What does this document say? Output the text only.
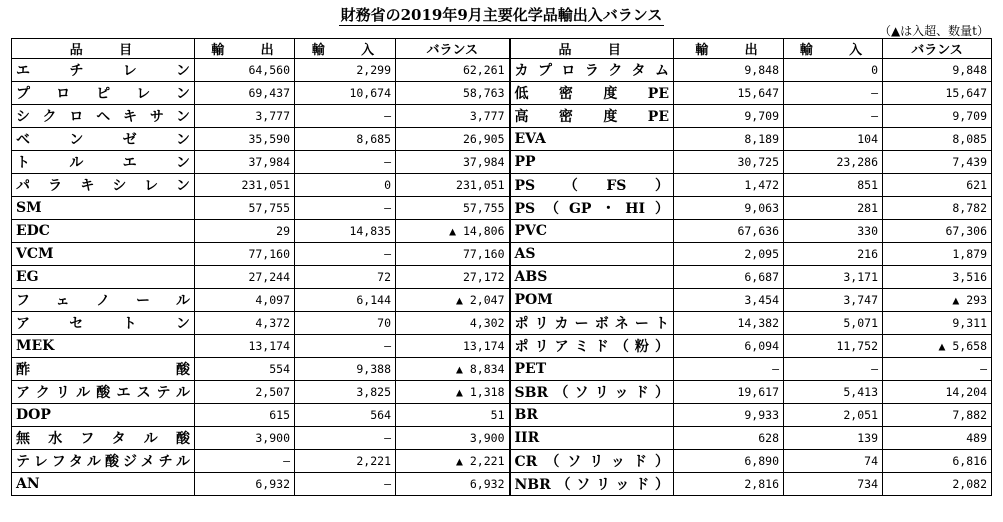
財務省の2019年9月主要化学品輸出入バランス
（▲は入超、数量t）
品　目	輸　出	輸　入	バランス	品　目	輸　出	輸　入	バランス
エチレン	64,560	2,299	62,261	カプロラクタム	9,848	0	9,848
プロピレン	69,437	10,674	58,763	低密度PE	15,647	—	15,647
シクロヘキサン	3,777	—	3,777	高密度PE	9,709	—	9,709
ベンゼン	35,590	8,685	26,905	EVA	8,189	104	8,085
トルエン	37,984	—	37,984	PP	30,725	23,286	7,439
パラキシレン	231,051	0	231,051	PS（FS）	1,472	851	621
SM	57,755	—	57,755	PS（GP・HI）	9,063	281	8,782
EDC	29	14,835	▲ 14,806	PVC	67,636	330	67,306
VCM	77,160	—	77,160	AS	2,095	216	1,879
EG	27,244	72	27,172	ABS	6,687	3,171	3,516
フェノール	4,097	6,144	▲ 2,047	POM	3,454	3,747	▲ 293
アセトン	4,372	70	4,302	ポリカーボネート	14,382	5,071	9,311
MEK	13,174	—	13,174	ポリアミド（粉）	6,094	11,752	▲ 5,658
酢酸	554	9,388	▲ 8,834	PET	—	—	—
アクリル酸エステル	2,507	3,825	▲ 1,318	SBR（ソリッド）	19,617	5,413	14,204
DOP	615	564	51	BR	9,933	2,051	7,882
無水フタル酸	3,900	—	3,900	IIR	628	139	489
テレフタル酸ジメチル	—	2,221	▲ 2,221	CR（ソリッド）	6,890	74	6,816
AN	6,932	—	6,932	NBR（ソリッド）	2,816	734	2,082
